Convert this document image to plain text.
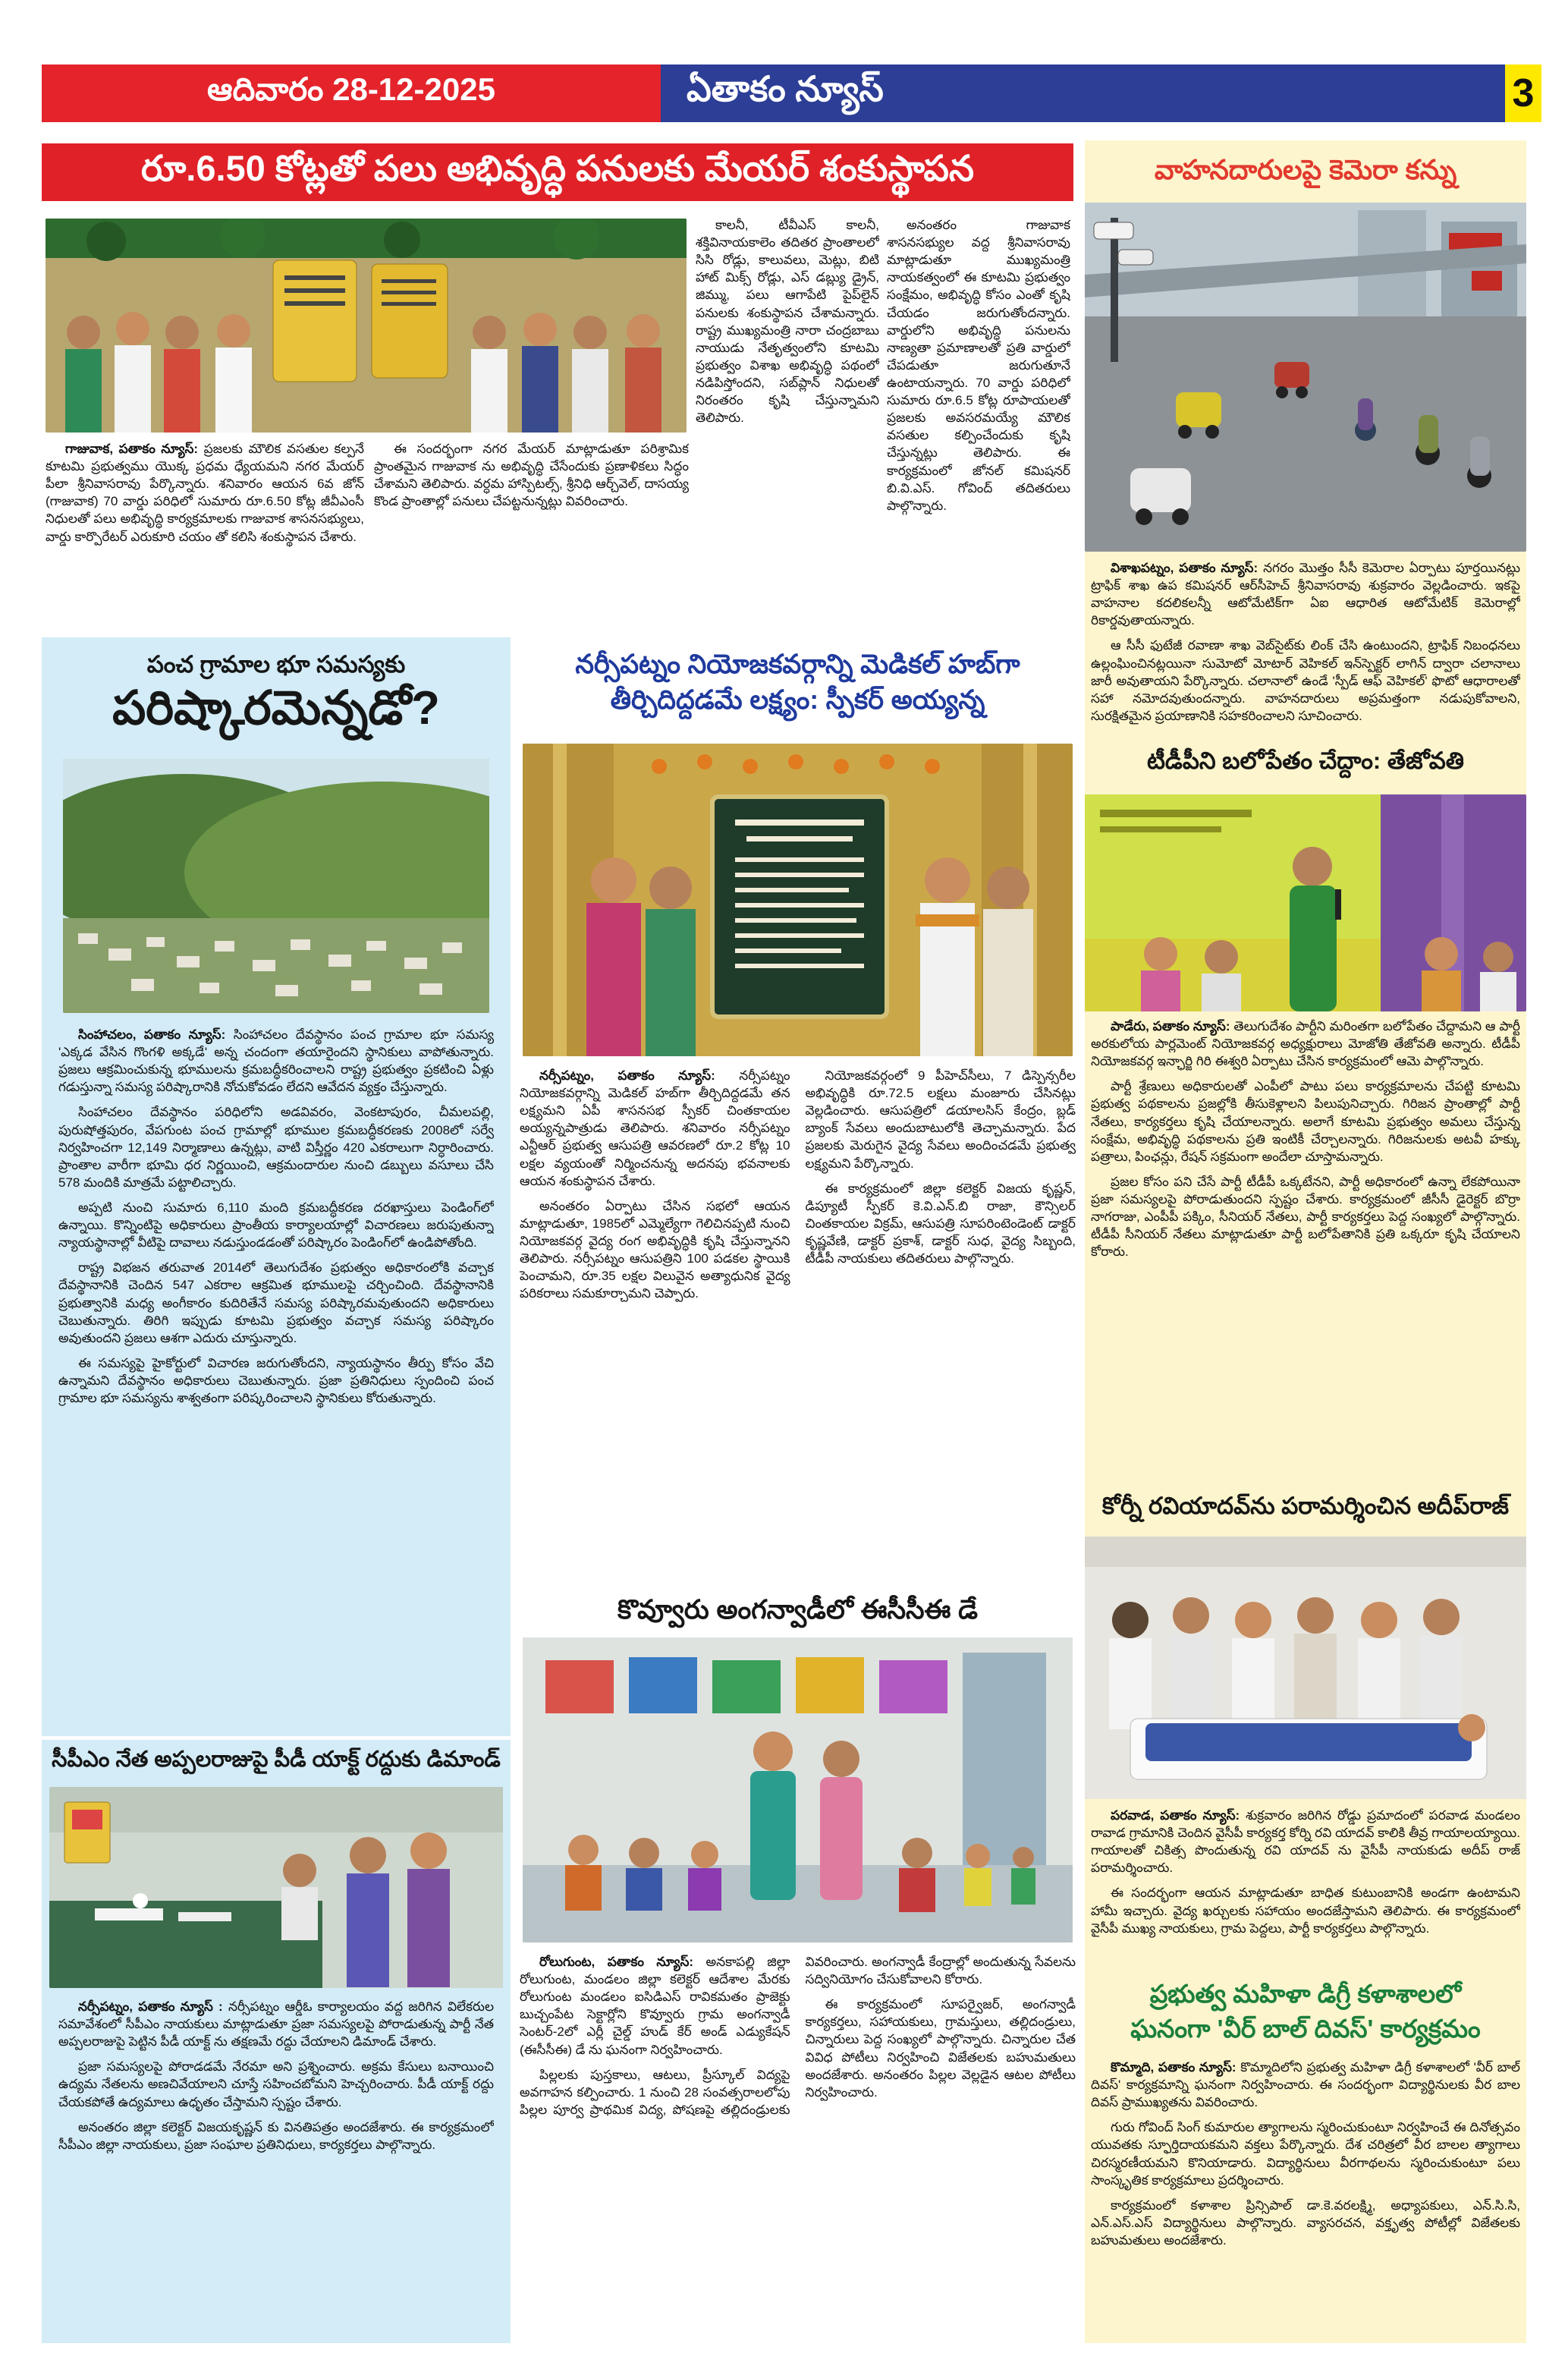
ఆదివారం 28-12-2025	ఏతాకం న్యూస్	3
రూ.6.50 కోట్లతో పలు అభివృద్ధి పనులకు మేయర్ శంకుస్థాపన

గాజువాక, పతాకం న్యూస్: ప్రజలకు మౌలిక వసతుల కల్పనే కూటమి ప్రభుత్వము యొక్క ప్రధమ ధ్యేయమని నగర మేయర్ పీలా శ్రీనివాసరావు పేర్కొన్నారు. శనివారం ఆయన 6వ జోన్ (గాజువాక) 70 వార్డు పరిధిలో సుమారు రూ.6.50 కోట్ల జీవీఎంసీ నిధులతో పలు అభివృద్ధి కార్యక్రమాలకు గాజువాక శాసనసభ్యులు, వార్డు కార్పొరేటర్ ఎరుకూరి చయం తో కలిసి శంకుస్థాపన చేశారు.

ఈ సందర్భంగా నగర మేయర్ మాట్లాడుతూ పరిశ్రామిక ప్రాంతమైన గాజువాక ను అభివృద్ధి చేసేందుకు ప్రణాళికలు సిద్ధం చేశామని తెలిపారు. వర్ధమ హాస్పిటల్స్, శ్రీనిధి ఆర్చ్‌వెల్, దాసయ్య కొండ ప్రాంతాల్లో పనులు చేపట్టనున్నట్లు వివరించారు.

కాలనీ, టీవీఎస్ కాలనీ, శక్తివినాయకాలెం తదితర ప్రాంతాలలో సిసి రోడ్లు, కాలువలు, మెట్లు, బిటి హాట్ మిక్స్ రోడ్లు, ఎస్ డబ్ల్యు డ్రైన్, జిమ్ము, పలు ఆగాపేటి పైప్‌లైన్ పనులకు శంకుస్థాపన చేశామన్నారు. రాష్ట్ర ముఖ్యమంత్రి నారా చంద్రబాబు నాయుడు నేతృత్వంలోని కూటమి ప్రభుత్వం విశాఖ అభివృద్ధి పథంలో నడిపిస్తోందని, సబ్‌ప్లాన్ నిధులతో నిరంతరం కృషి చేస్తున్నామని తెలిపారు.

అనంతరం గాజువాక శాసనసభ్యుల వద్ద శ్రీనివాసరావు మాట్లాడుతూ ముఖ్యమంత్రి నాయకత్వంలో ఈ కూటమి ప్రభుత్వం సంక్షేమం, అభివృద్ధి కోసం ఎంతో కృషి చేయడం జరుగుతోందన్నారు. వార్డులోని అభివృద్ధి పనులను నాణ్యతా ప్రమాణాలతో ప్రతి వార్డులో చేపడుతూ జరుగుతూనే ఉంటాయన్నారు. 70 వార్డు పరిధిలో సుమారు రూ.6.5 కోట్ల రూపాయలతో ప్రజలకు అవసరమయ్యే మౌలిక వసతుల కల్పించేందుకు కృషి చేస్తున్నట్లు తెలిపారు. ఈ కార్యక్రమంలో జోనల్ కమిషనర్ బి.వి.ఎస్. గోవింద్ తదితరులు పాల్గొన్నారు.

వాహనదారులపై కెమెరా కన్ను

విశాఖపట్నం, పతాకం న్యూస్: నగరం మొత్తం సీసీ కెమెరాల ఏర్పాటు పూర్తయినట్లు ట్రాఫిక్ శాఖ ఉప కమిషనర్ ఆర్‌సీహెచ్ శ్రీనివాసరావు శుక్రవారం వెల్లడించారు. ఇకపై వాహనాల కదలికలన్నీ ఆటోమేటిక్‌గా ఏఐ ఆధారిత ఆటోమేటిక్ కెమెరాల్లో రికార్డవుతాయన్నారు.

ఆ సీసీ ఫుటేజీ రవాణా శాఖ వెబ్‌సైట్‌కు లింక్ చేసి ఉంటుందని, ట్రాఫిక్ నిబంధనలు ఉల్లంఘించినట్లయినా సుమోటో మోటార్ వెహికల్ ఇన్‌స్పెక్టర్ లాగిన్ ద్వారా చలానాలు జారీ అవుతాయని పేర్కొన్నారు. చలానాలో ఉండే 'స్పీడ్ ఆఫ్ వెహికల్' ఫొటో ఆధారాలతో సహా నమోదవుతుందన్నారు. వాహనదారులు అప్రమత్తంగా నడుపుకోవాలని, సురక్షితమైన ప్రయాణానికి సహకరించాలని సూచించారు.

టీడీపీని బలోపేతం చేద్దాం: తేజోవతి

పాడేరు, పతాకం న్యూస్: తెలుగుదేశం పార్టీని మరింతగా బలోపేతం చేద్దామని ఆ పార్టీ అరకులోయ పార్లమెంట్ నియోజకవర్గ అధ్యక్షురాలు మోజోతి తేజోవతి అన్నారు. టీడీపీ నియోజకవర్గ ఇన్ఛార్జి గిరి ఈశ్వరి ఏర్పాటు చేసిన కార్యక్రమంలో ఆమె పాల్గొన్నారు.

పార్టీ శ్రేణులు అధికారులతో ఎంపీలో పాటు పలు కార్యక్రమాలను చేపట్టి కూటమి ప్రభుత్వ పథకాలను ప్రజల్లోకి తీసుకెళ్లాలని పిలుపునిచ్చారు. గిరిజన ప్రాంతాల్లో పార్టీ నేతలు, కార్యకర్తలు కృషి చేయాలన్నారు. అలాగే కూటమి ప్రభుత్వం అమలు చేస్తున్న సంక్షేమ, అభివృద్ధి పథకాలను ప్రతి ఇంటికీ చేర్చాలన్నారు. గిరిజనులకు అటవీ హక్కు పత్రాలు, పింఛన్లు, రేషన్ సక్రమంగా అందేలా చూస్తామన్నారు.

ప్రజల కోసం పని చేసే పార్టీ టీడీపీ ఒక్కటేనని, పార్టీ అధికారంలో ఉన్నా లేకపోయినా ప్రజా సమస్యలపై పోరాడుతుందని స్పష్టం చేశారు. కార్యక్రమంలో జీసీసీ డైరెక్టర్ బొర్రా నాగరాజు, ఎంపీపీ పక్కిం, సీనియర్ నేతలు, పార్టీ కార్యకర్తలు పెద్ద సంఖ్యలో పాల్గొన్నారు. టీడీపీ సీనియర్ నేతలు మాట్లాడుతూ పార్టీ బలోపేతానికి ప్రతి ఒక్కరూ కృషి చేయాలని కోరారు.

కోర్నీ రవియాదవ్‌ను పరామర్శించిన అదీప్‌రాజ్

పరవాడ, పతాకం న్యూస్: శుక్రవారం జరిగిన రోడ్డు ప్రమాదంలో పరవాడ మండలం రావాడ గ్రామానికి చెందిన వైసీపీ కార్యకర్త కోర్ని రవి యాదవ్ కాలికి తీవ్ర గాయాలయ్యాయి. గాయాలతో చికిత్స పొందుతున్న రవి యాదవ్ ను వైసీపీ నాయకుడు అదీప్ రాజ్ పరామర్శించారు.

ఈ సందర్భంగా ఆయన మాట్లాడుతూ బాధిత కుటుంబానికి అండగా ఉంటామని హామీ ఇచ్చారు. వైద్య ఖర్చులకు సహాయం అందజేస్తామని తెలిపారు. ఈ కార్యక్రమంలో వైసీపీ ముఖ్య నాయకులు, గ్రామ పెద్దలు, పార్టీ కార్యకర్తలు పాల్గొన్నారు.

ప్రభుత్వ మహిళా డిగ్రీ కళాశాలలో
ఘనంగా 'వీర్ బాల్ దివస్' కార్యక్రమం

కొమ్మాది, పతాకం న్యూస్: కొమ్మాదిలోని ప్రభుత్వ మహిళా డిగ్రీ కళాశాలలో 'వీర్ బాల్ దివస్' కార్యక్రమాన్ని ఘనంగా నిర్వహించారు. ఈ సందర్భంగా విద్యార్థినులకు వీర బాల దివస్ ప్రాముఖ్యతను వివరించారు.

గురు గోవింద్ సింగ్ కుమారుల త్యాగాలను స్మరించుకుంటూ నిర్వహించే ఈ దినోత్సవం యువతకు స్ఫూర్తిదాయకమని వక్తలు పేర్కొన్నారు. దేశ చరిత్రలో వీర బాలల త్యాగాలు చిరస్మరణీయమని కొనియాడారు. విద్యార్థినులు వీరగాథలను స్మరించుకుంటూ పలు సాంస్కృతిక కార్యక్రమాలు ప్రదర్శించారు.

కార్యక్రమంలో కళాశాల ప్రిన్సిపాల్ డా.కె.వరలక్ష్మి, అధ్యాపకులు, ఎన్.సి.సి, ఎన్.ఎస్.ఎస్ విద్యార్థినులు పాల్గొన్నారు. వ్యాసరచన, వక్తృత్వ పోటీల్లో విజేతలకు బహుమతులు అందజేశారు.

పంచ గ్రామాల భూ సమస్యకు
పరిష్కారమెన్నడో?

సింహాచలం, పతాకం న్యూస్: సింహాచలం దేవస్థానం పంచ గ్రామాల భూ సమస్య 'ఎక్కడ వేసిన గొంగళి అక్కడే' అన్న చందంగా తయారైందని స్థానికులు వాపోతున్నారు. ప్రజలు ఆక్రమించుకున్న భూములను క్రమబద్ధీకరించాలని రాష్ట్ర ప్రభుత్వం ప్రకటించి ఏళ్లు గడుస్తున్నా సమస్య పరిష్కారానికి నోచుకోవడం లేదని ఆవేదన వ్యక్తం చేస్తున్నారు.

సింహాచలం దేవస్థానం పరిధిలోని అడవివరం, వెంకటాపురం, చీమలపల్లి, పురుషోత్తపురం, వేపగుంట పంచ గ్రామాల్లో భూముల క్రమబద్ధీకరణకు 2008లో సర్వే నిర్వహించగా 12,149 నిర్మాణాలు ఉన్నట్లు, వాటి విస్తీర్ణం 420 ఎకరాలుగా నిర్ధారించారు. ప్రాంతాల వారీగా భూమి ధర నిర్ణయించి, ఆక్రమందారుల నుంచి డబ్బులు వసూలు చేసి 578 మందికి మాత్రమే పట్టాలిచ్చారు.

అప్పటి నుంచి సుమారు 6,110 మంది క్రమబద్ధీకరణ దరఖాస్తులు పెండింగ్‌లో ఉన్నాయి. కొన్నింటిపై అధికారులు ప్రాంతీయ కార్యాలయాల్లో విచారణలు జరుపుతున్నా న్యాయస్థానాల్లో వీటిపై దావాలు నడుస్తుండడంతో పరిష్కారం పెండింగ్‌లో ఉండిపోతోంది.

రాష్ట్ర విభజన తరువాత 2014లో తెలుగుదేశం ప్రభుత్వం అధికారంలోకి వచ్చాక దేవస్థానానికి చెందిన 547 ఎకరాల ఆక్రమిత భూములపై చర్చించింది. దేవస్థానానికి ప్రభుత్వానికి మధ్య అంగీకారం కుదిరితేనే సమస్య పరిష్కారమవుతుందని అధికారులు చెబుతున్నారు. తిరిగి ఇప్పుడు కూటమి ప్రభుత్వం వచ్చాక సమస్య పరిష్కారం అవుతుందని ప్రజలు ఆశగా ఎదురు చూస్తున్నారు.

ఈ సమస్యపై హైకోర్టులో విచారణ జరుగుతోందని, న్యాయస్థానం తీర్పు కోసం వేచి ఉన్నామని దేవస్థానం అధికారులు చెబుతున్నారు. ప్రజా ప్రతినిధులు స్పందించి పంచ గ్రామాల భూ సమస్యను శాశ్వతంగా పరిష్కరించాలని స్థానికులు కోరుతున్నారు.

సీపీఎం నేత అప్పలరాజుపై పీడీ యాక్ట్ రద్దుకు డిమాండ్

నర్సీపట్నం, పతాకం న్యూస్ : నర్సీపట్నం ఆర్డీఓ కార్యాలయం వద్ద జరిగిన విలేకరుల సమావేశంలో సీపీఎం నాయకులు మాట్లాడుతూ ప్రజా సమస్యలపై పోరాడుతున్న పార్టీ నేత అప్పలరాజుపై పెట్టిన పీడీ యాక్ట్ ను తక్షణమే రద్దు చేయాలని డిమాండ్ చేశారు.

ప్రజా సమస్యలపై పోరాడడమే నేరమా అని ప్రశ్నించారు. అక్రమ కేసులు బనాయించి ఉద్యమ నేతలను అణచివేయాలని చూస్తే సహించబోమని హెచ్చరించారు. పీడీ యాక్ట్ రద్దు చేయకపోతే ఉద్యమాలు ఉధృతం చేస్తామని స్పష్టం చేశారు.

అనంతరం జిల్లా కలెక్టర్ విజయకృష్ణన్ కు వినతిపత్రం అందజేశారు. ఈ కార్యక్రమంలో సీపీఎం జిల్లా నాయకులు, ప్రజా సంఘాల ప్రతినిధులు, కార్యకర్తలు పాల్గొన్నారు.

నర్సీపట్నం నియోజకవర్గాన్ని మెడికల్ హబ్‌గా
తీర్చిదిద్దడమే లక్ష్యం: స్పీకర్ అయ్యన్న

నర్సీపట్నం, పతాకం న్యూస్: నర్సీపట్నం నియోజకవర్గాన్ని మెడికల్ హబ్‌గా తీర్చిదిద్దడమే తన లక్ష్యమని ఏపీ శాసనసభ స్పీకర్ చింతకాయల అయ్యన్నపాత్రుడు తెలిపారు. శనివారం నర్సీపట్నం ఎన్టీఆర్ ప్రభుత్వ ఆసుపత్రి ఆవరణలో రూ.2 కోట్ల 10 లక్షల వ్యయంతో నిర్మించనున్న అదనపు భవనాలకు ఆయన శంకుస్థాపన చేశారు.

అనంతరం ఏర్పాటు చేసిన సభలో ఆయన మాట్లాడుతూ, 1985లో ఎమ్మెల్యేగా గెలిచినప్పటి నుంచి నియోజకవర్గ వైద్య రంగ అభివృద్ధికి కృషి చేస్తున్నానని తెలిపారు. నర్సీపట్నం ఆసుపత్రిని 100 పడకల స్థాయికి పెంచామని, రూ.35 లక్షల విలువైన అత్యాధునిక వైద్య పరికరాలు సమకూర్చామని చెప్పారు.

నియోజకవర్గంలో 9 పీహెచ్‌సీలు, 7 డిస్పెన్సరీల అభివృద్ధికి రూ.72.5 లక్షలు మంజూరు చేసినట్లు వెల్లడించారు. ఆసుపత్రిలో డయాలసిస్ కేంద్రం, బ్లడ్ బ్యాంక్ సేవలు అందుబాటులోకి తెచ్చామన్నారు. పేద ప్రజలకు మెరుగైన వైద్య సేవలు అందించడమే ప్రభుత్వ లక్ష్యమని పేర్కొన్నారు.

ఈ కార్యక్రమంలో జిల్లా కలెక్టర్ విజయ కృష్ణన్, డిప్యూటీ స్పీకర్ కె.వి.ఎన్.బి రాజా, కౌన్సిలర్ చింతకాయల విక్రమ్, ఆసుపత్రి సూపరింటెండెంట్ డాక్టర్ కృష్ణవేణి, డాక్టర్ ప్రకాశ్, డాక్టర్ సుధ, వైద్య సిబ్బంది, టీడీపీ నాయకులు తదితరులు పాల్గొన్నారు.

కొవ్వూరు అంగన్వాడీలో ఈసీసీఈ డే

రోలుగుంట, పతాకం న్యూస్: అనకాపల్లి జిల్లా రోలుగుంట, మండలం జిల్లా కలెక్టర్ ఆదేశాల మేరకు రోలుగుంట మండలం ఐసిడిఎస్ రావికమతం ప్రాజెక్టు బుచ్చంపేట సెక్టార్లోని కొవ్వూరు గ్రామ అంగన్వాడీ సెంటర్-2లో ఎర్లీ చైల్డ్ హుడ్ కేర్ అండ్ ఎడ్యుకేషన్ (ఈసీసీఈ) డే ను ఘనంగా నిర్వహించారు.

పిల్లలకు పుస్తకాలు, ఆటలు, ప్రీస్కూల్ విద్యపై అవగాహన కల్పించారు. 1 నుంచి 28 సంవత్సరాలలోపు పిల్లల పూర్వ ప్రాథమిక విద్య, పోషణపై తల్లిదండ్రులకు వివరించారు. అంగన్వాడీ కేంద్రాల్లో అందుతున్న సేవలను సద్వినియోగం చేసుకోవాలని కోరారు.

ఈ కార్యక్రమంలో సూపర్వైజర్, అంగన్వాడీ కార్యకర్తలు, సహాయకులు, గ్రామస్తులు, తల్లిదండ్రులు, చిన్నారులు పెద్ద సంఖ్యలో పాల్గొన్నారు. చిన్నారుల చేత వివిధ పోటీలు నిర్వహించి విజేతలకు బహుమతులు అందజేశారు. అనంతరం పిల్లల వెల్లడైన ఆటల పోటీలు నిర్వహించారు.
